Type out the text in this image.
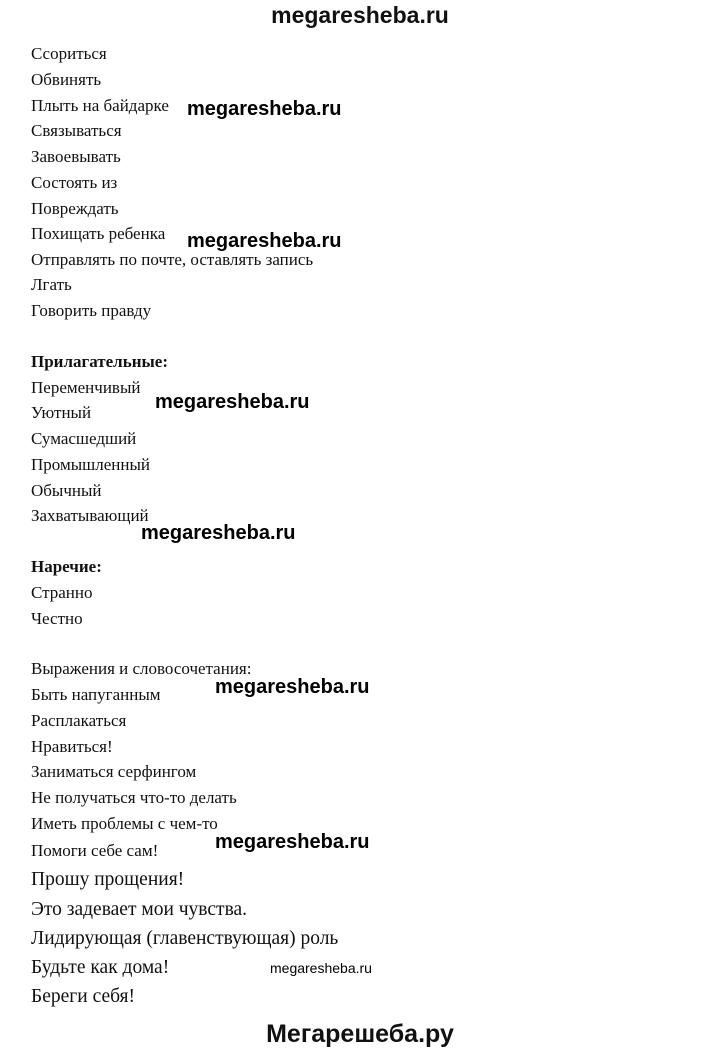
megaresheba.ru
Ссориться
Обвинять
Плыть на байдарке
Связываться
Завоевывать
Состоять из
Повреждать
Похищать ребенка
Отправлять по почте, оставлять запись
Лгать
Говорить правду
Прилагательные:
Переменчивый
Уютный
Сумасшедший
Промышленный
Обычный
Захватывающий
Наречие:
Странно
Честно
Выражения и словосочетания:
Быть напуганным
Расплакаться
Нравиться!
Заниматься серфингом
Не получаться что-то делать
Иметь проблемы с чем-то
Помоги себе сам!
Прошу прощения!
Это задевает мои чувства.
Лидирующая (главенствующая) роль
Будьте как дома!
Береги себя!
megaresheba.ru
megaresheba.ru
megaresheba.ru
megaresheba.ru
megaresheba.ru
megaresheba.ru
megaresheba.ru
Мегарешеба.ру
